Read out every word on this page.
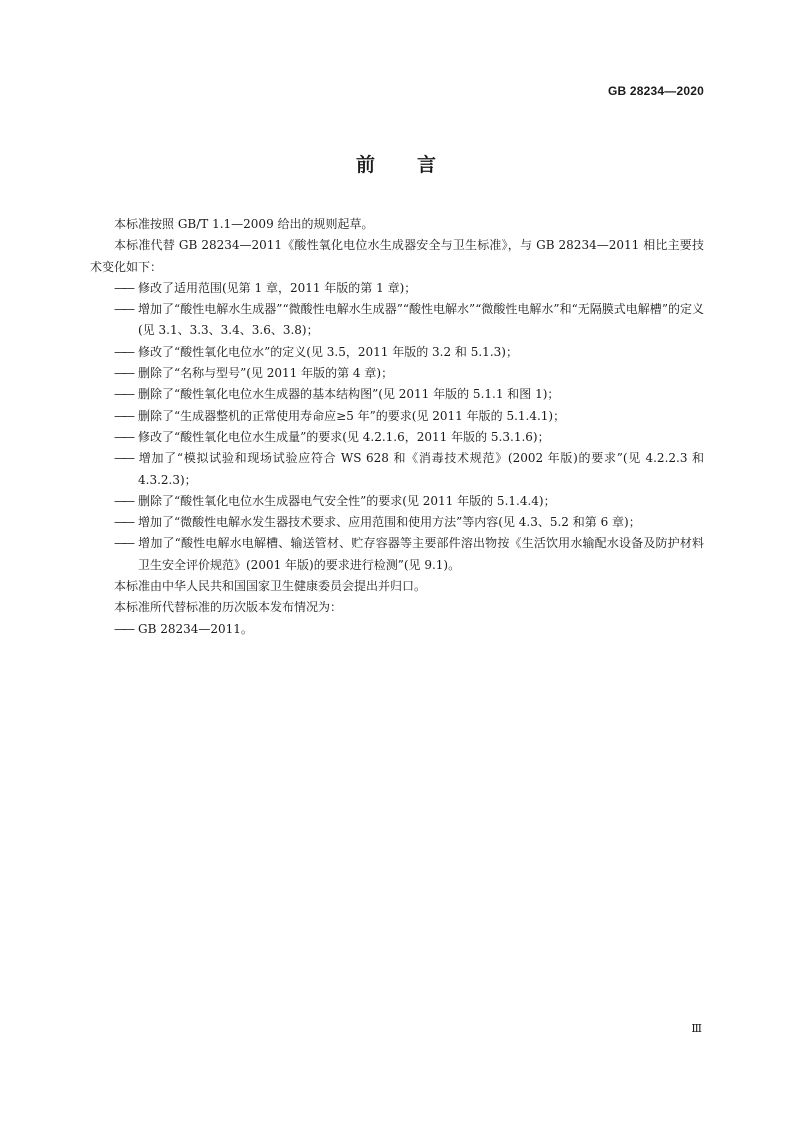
GB 28234—2020
前 言

本标准按照 GB/T 1.1—2009 给出的规则起草。

本标准代替 GB 28234—2011《酸性氧化电位水生成器安全与卫生标准》，与 GB 28234—2011 相比主要技术变化如下：

—— 修改了适用范围(见第 1 章，2011 年版的第 1 章)；

—— 增加了“酸性电解水生成器”“微酸性电解水生成器”“酸性电解水”“微酸性电解水”和“无隔膜式电解槽”的定义(见 3.1、3.3、3.4、3.6、3.8)；

—— 修改了“酸性氧化电位水”的定义(见 3.5，2011 年版的 3.2 和 5.1.3)；

—— 删除了“名称与型号”(见 2011 年版的第 4 章)；

—— 删除了“酸性氧化电位水生成器的基本结构图”(见 2011 年版的 5.1.1 和图 1)；

—— 删除了“生成器整机的正常使用寿命应≥5 年”的要求(见 2011 年版的 5.1.4.1)；

—— 修改了“酸性氧化电位水生成量”的要求(见 4.2.1.6，2011 年版的 5.3.1.6)；

—— 增加了“模拟试验和现场试验应符合 WS 628 和《消毒技术规范》(2002 年版)的要求”(见 4.2.2.3 和 4.3.2.3)；

—— 删除了“酸性氧化电位水生成器电气安全性”的要求(见 2011 年版的 5.1.4.4)；

—— 增加了“微酸性电解水发生器技术要求、应用范围和使用方法”等内容(见 4.3、5.2 和第 6 章)；

—— 增加了“酸性电解水电解槽、输送管材、贮存容器等主要部件溶出物按《生活饮用水输配水设备及防护材料卫生安全评价规范》(2001 年版)的要求进行检测”(见 9.1)。

本标准由中华人民共和国国家卫生健康委员会提出并归口。

本标准所代替标准的历次版本发布情况为：

—— GB 28234—2011。

Ⅲ
